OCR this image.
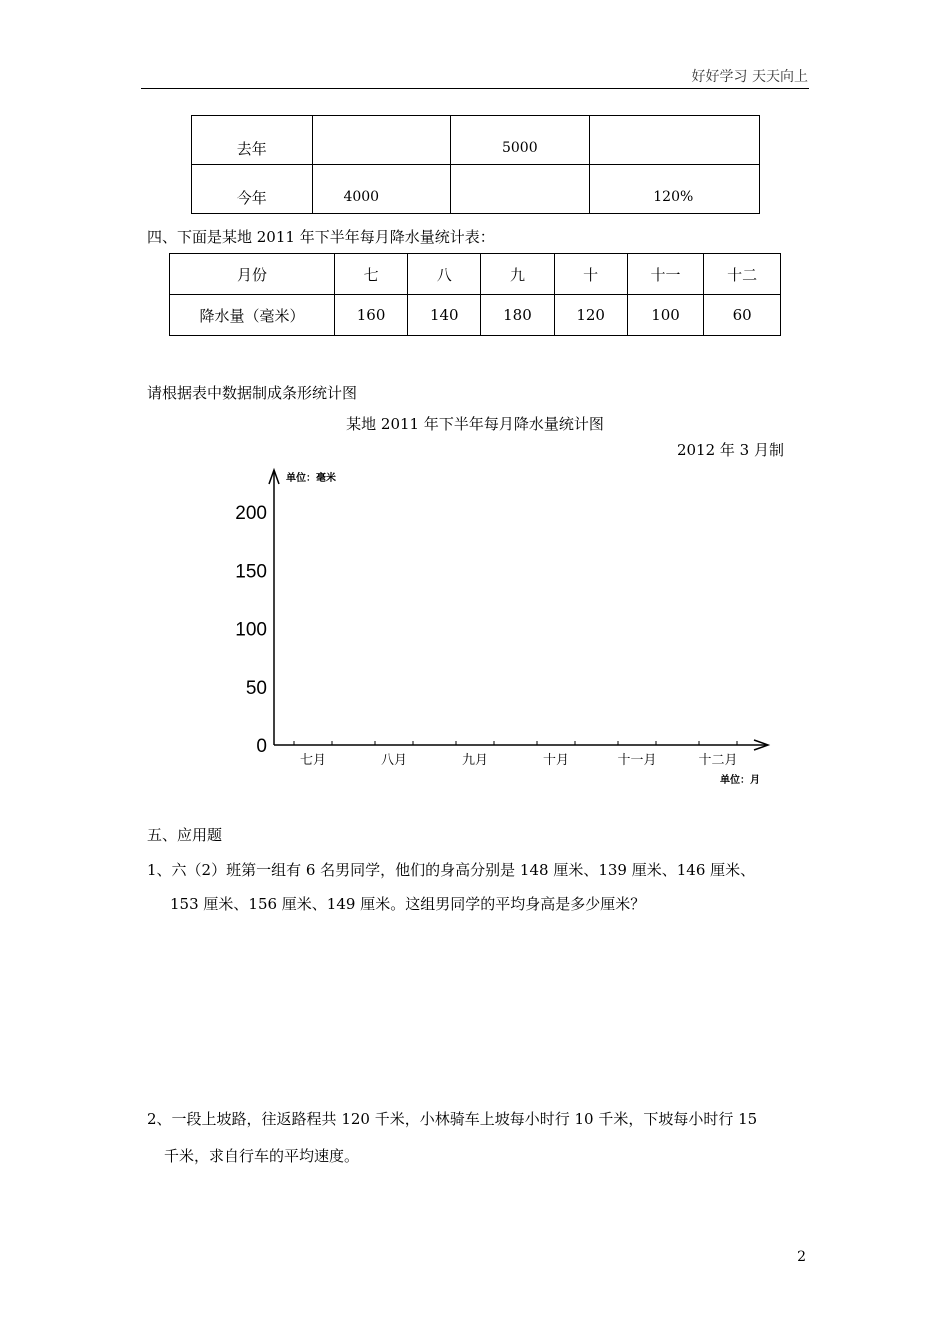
好好学习 天天向上
去年		5000	
今年	4000		120%
四、下面是某地 2011 年下半年每月降水量统计表：
月份	七	八	九	十	十一	十二
降水量（毫米）	160	140	180	120	100	60
请根据表中数据制成条形统计图
某地 2011 年下半年每月降水量统计图
2012 年 3 月制
0
50
100
150
200
七月	八月	九月	十月	十一月	十二月
单位：毫米
单位：月
五、应用题
1、六（2）班第一组有 6 名男同学，他们的身高分别是 148 厘米、139 厘米、146 厘米、
153 厘米、156 厘米、149 厘米。这组男同学的平均身高是多少厘米？
2、一段上坡路，往返路程共 120 千米，小林骑车上坡每小时行 10 千米，下坡每小时行 15
千米，求自行车的平均速度。
2
